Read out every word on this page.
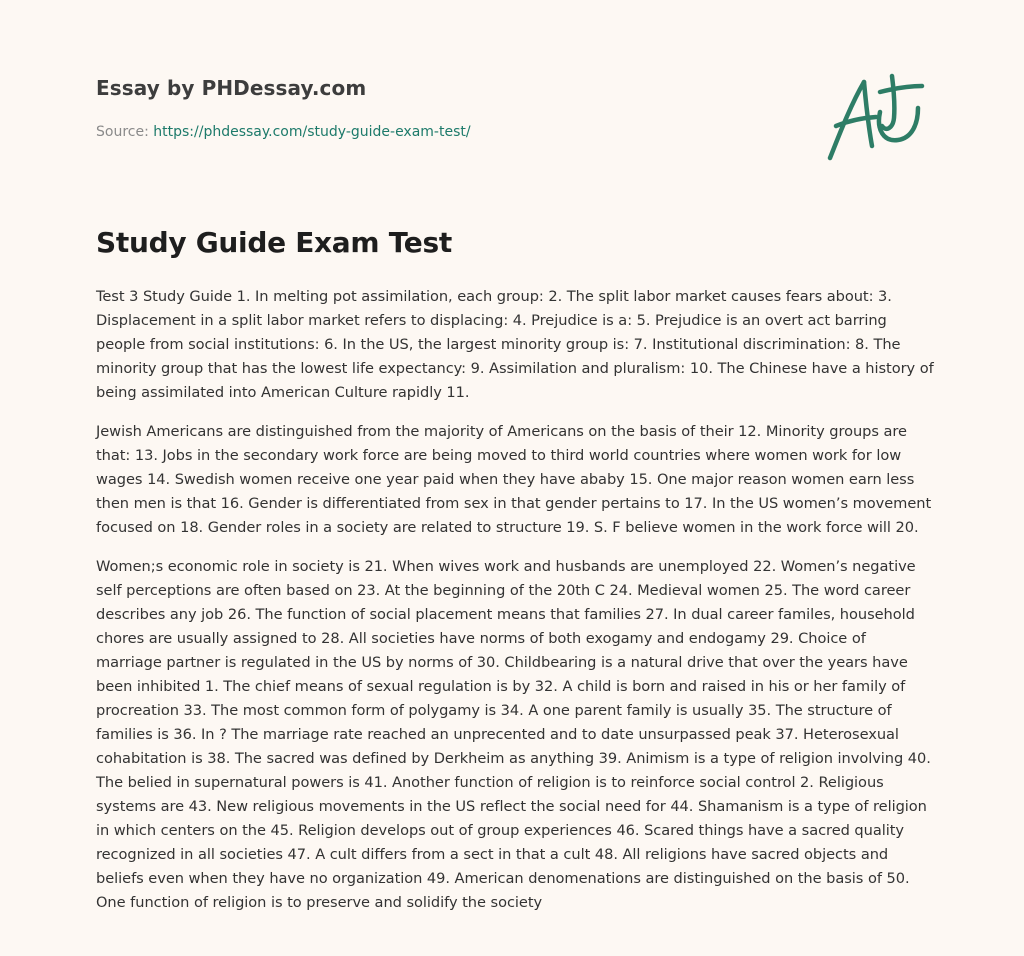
Essay by PHDessay.com
Source: https://phdessay.com/study-guide-exam-test/
Study Guide Exam Test

Test 3 Study Guide 1. In melting pot assimilation, each group: 2. The split labor market causes fears about: 3. Displacement in a split labor market refers to displacing: 4. Prejudice is a: 5. Prejudice is an overt act barring people from social institutions: 6. In the US, the largest minority group is: 7. Institutional discrimination: 8. The minority group that has the lowest life expectancy: 9. Assimilation and pluralism: 10. The Chinese have a history of being assimilated into American Culture rapidly 11.

Jewish Americans are distinguished from the majority of Americans on the basis of their 12. Minority groups are that: 13. Jobs in the secondary work force are being moved to third world countries where women work for low wages 14. Swedish women receive one year paid when they have ababy 15. One major reason women earn less then men is that 16. Gender is differentiated from sex in that gender pertains to 17. In the US women’s movement focused on 18. Gender roles in a society are related to structure 19. S. F believe women in the work force will 20.

Women;s economic role in society is 21. When wives work and husbands are unemployed 22. Women’s negative self perceptions are often based on 23. At the beginning of the 20th C 24. Medieval women 25. The word career describes any job 26. The function of social placement means that families 27. In dual career familes, household chores are usually assigned to 28. All societies have norms of both exogamy and endogamy 29. Choice of marriage partner is regulated in the US by norms of 30. Childbearing is a natural drive that over the years have been inhibited 1. The chief means of sexual regulation is by 32. A child is born and raised in his or her family of procreation 33. The most common form of polygamy is 34. A one parent family is usually 35. The structure of families is 36. In ? The marriage rate reached an unprecented and to date unsurpassed peak 37. Heterosexual cohabitation is 38. The sacred was defined by Derkheim as anything 39. Animism is a type of religion involving 40. The belied in supernatural powers is 41. Another function of religion is to reinforce social control 2. Religious systems are 43. New religious movements in the US reflect the social need for 44. Shamanism is a type of religion in which centers on the 45. Religion develops out of group experiences 46. Scared things have a sacred quality recognized in all societies 47. A cult differs from a sect in that a cult 48. All religions have sacred objects and beliefs even when they have no organization 49. American denomenations are distinguished on the basis of 50. One function of religion is to preserve and solidify the society
